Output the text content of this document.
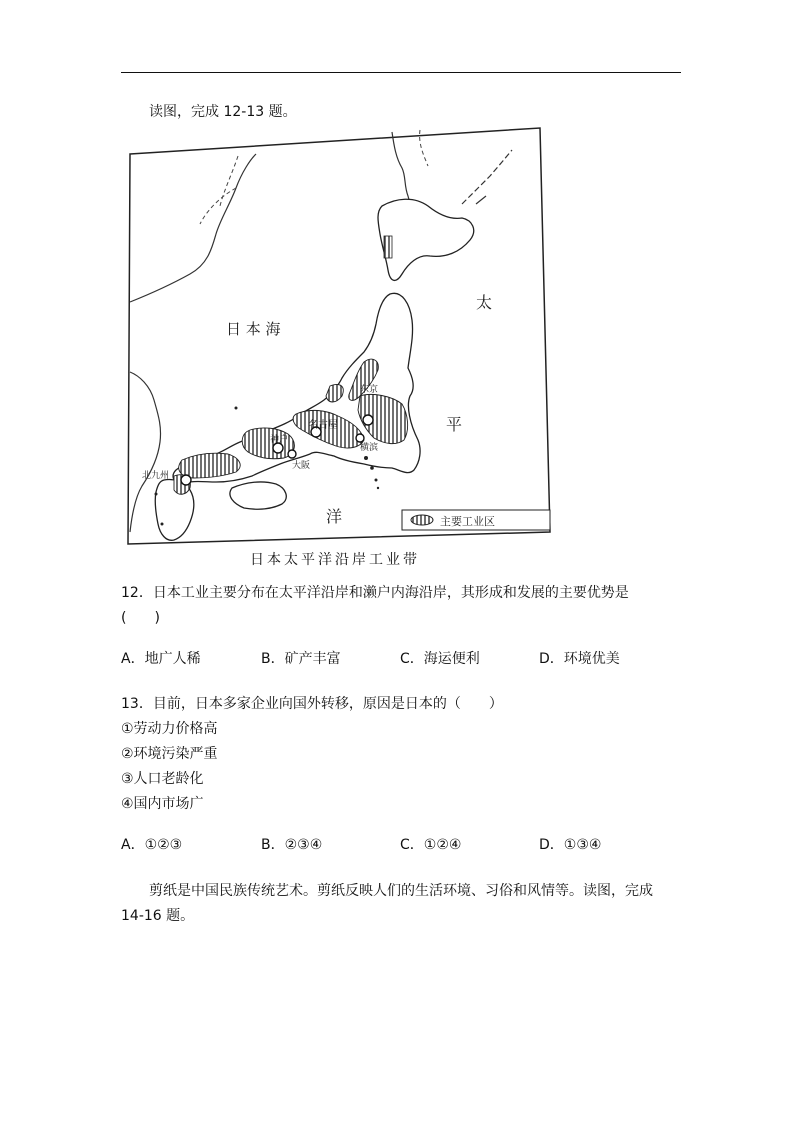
读图，完成 12-13 题。
日 本 海
太
平
洋
东京
名古屋
神户
大阪
横滨
北九州
主要工业区
日本太平洋沿岸工业带
12．日本工业主要分布在太平洋沿岸和濑户内海沿岸，其形成和发展的主要优势是
(　　)
A．地广人稀	B．矿产丰富	C．海运便利	D．环境优美
13．目前，日本多家企业向国外转移，原因是日本的（　　）
①劳动力价格高
②环境污染严重
③人口老龄化
④国内市场广
A．①②③	B．②③④	C．①②④	D．①③④
剪纸是中国民族传统艺术。剪纸反映人们的生活环境、习俗和风情等。读图，完成
14-16 题。
